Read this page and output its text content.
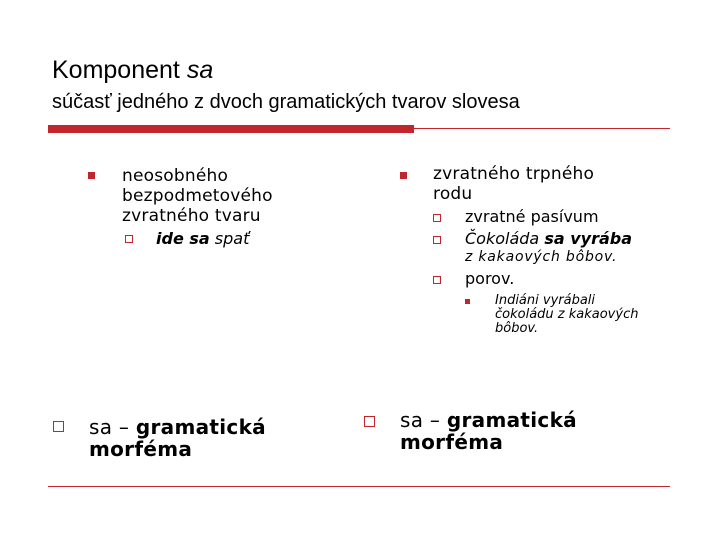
Komponent sa
súčasť jedného z dvoch gramatických tvarov slovesa
neosobného
bezpodmetového
zvratného tvaru
ide sa spať
zvratného trpného
rodu
zvratné pasívum
Čokoláda sa vyrába
z kakaových bôbov.
porov.
Indiáni vyrábali
čokoládu z kakaových
bôbov.
sa – gramatická
morféma
sa – gramatická
morféma
